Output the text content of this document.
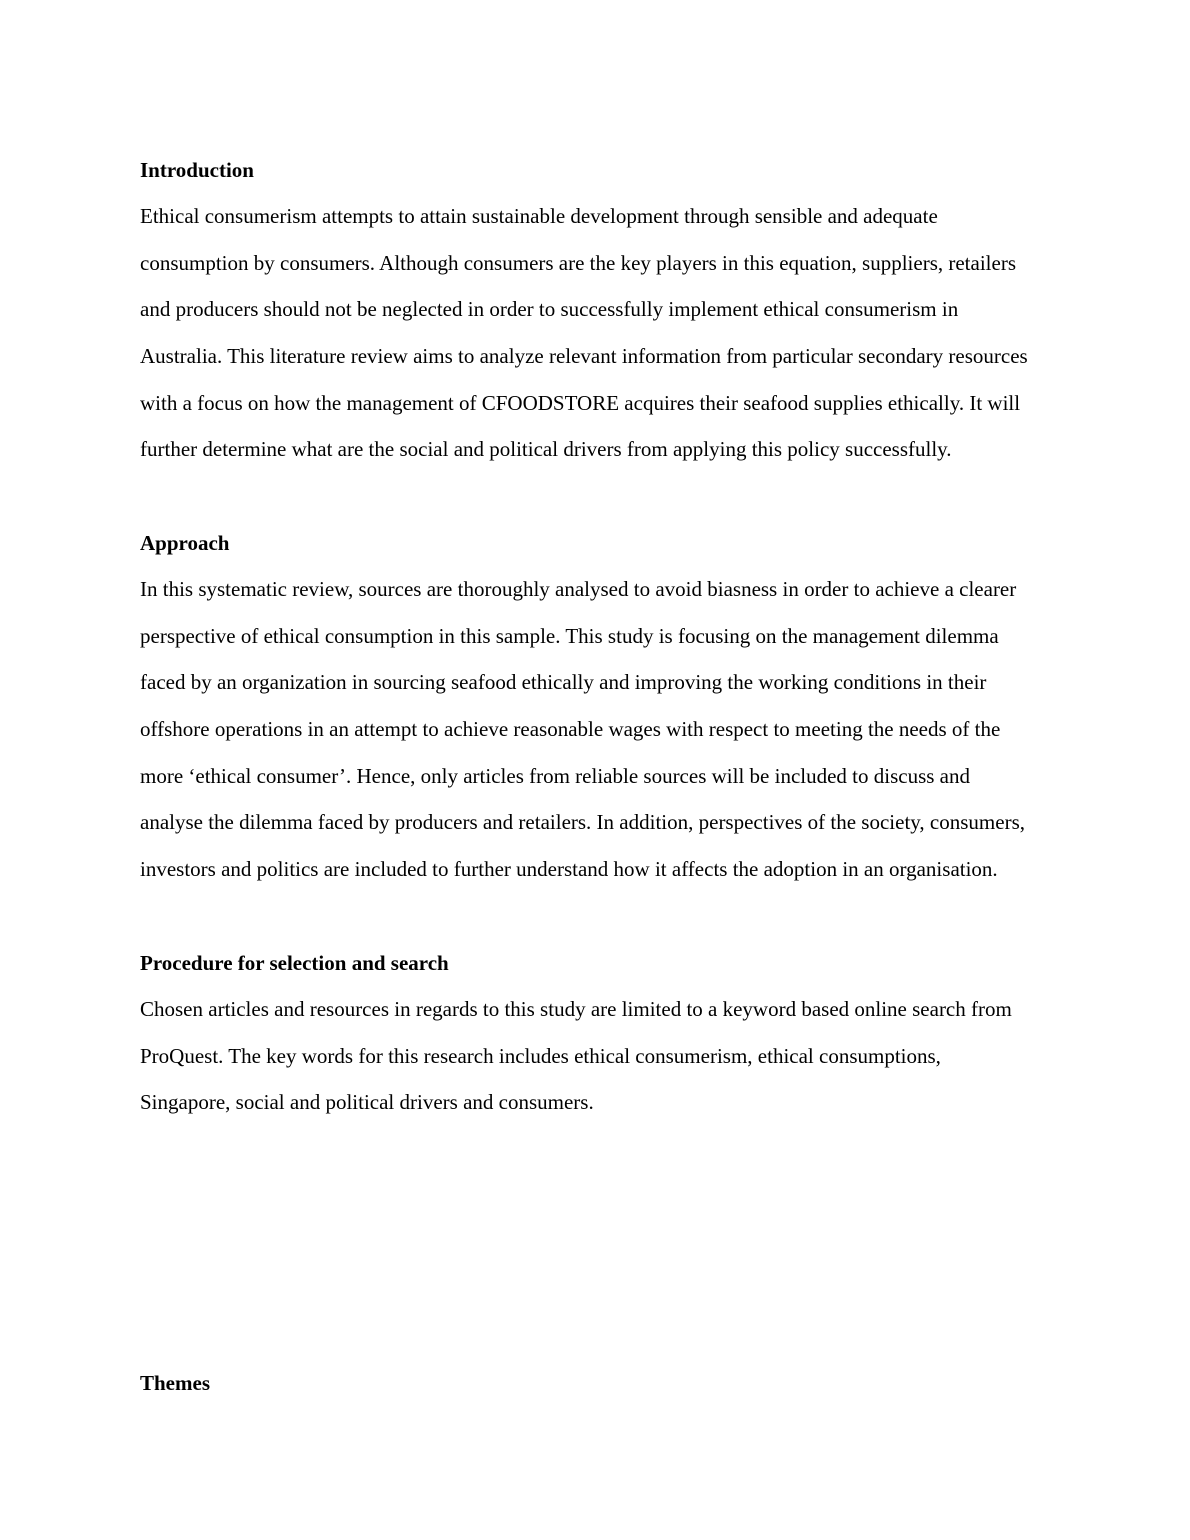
Introduction
Ethical consumerism attempts to attain sustainable development through sensible and adequate
consumption by consumers. Although consumers are the key players in this equation, suppliers, retailers
and producers should not be neglected in order to successfully implement ethical consumerism in
Australia. This literature review aims to analyze relevant information from particular secondary resources
with a focus on how the management of CFOODSTORE acquires their seafood supplies ethically. It will
further determine what are the social and political drivers from applying this policy successfully.
Approach
In this systematic review, sources are thoroughly analysed to avoid biasness in order to achieve a clearer
perspective of ethical consumption in this sample. This study is focusing on the management dilemma
faced by an organization in sourcing seafood ethically and improving the working conditions in their
offshore operations in an attempt to achieve reasonable wages with respect to meeting the needs of the
more ‘ethical consumer’. Hence, only articles from reliable sources will be included to discuss and
analyse the dilemma faced by producers and retailers. In addition, perspectives of the society, consumers,
investors and politics are included to further understand how it affects the adoption in an organisation.
Procedure for selection and search
Chosen articles and resources in regards to this study are limited to a keyword based online search from
ProQuest. The key words for this research includes ethical consumerism, ethical consumptions,
Singapore, social and political drivers and consumers.
Themes
